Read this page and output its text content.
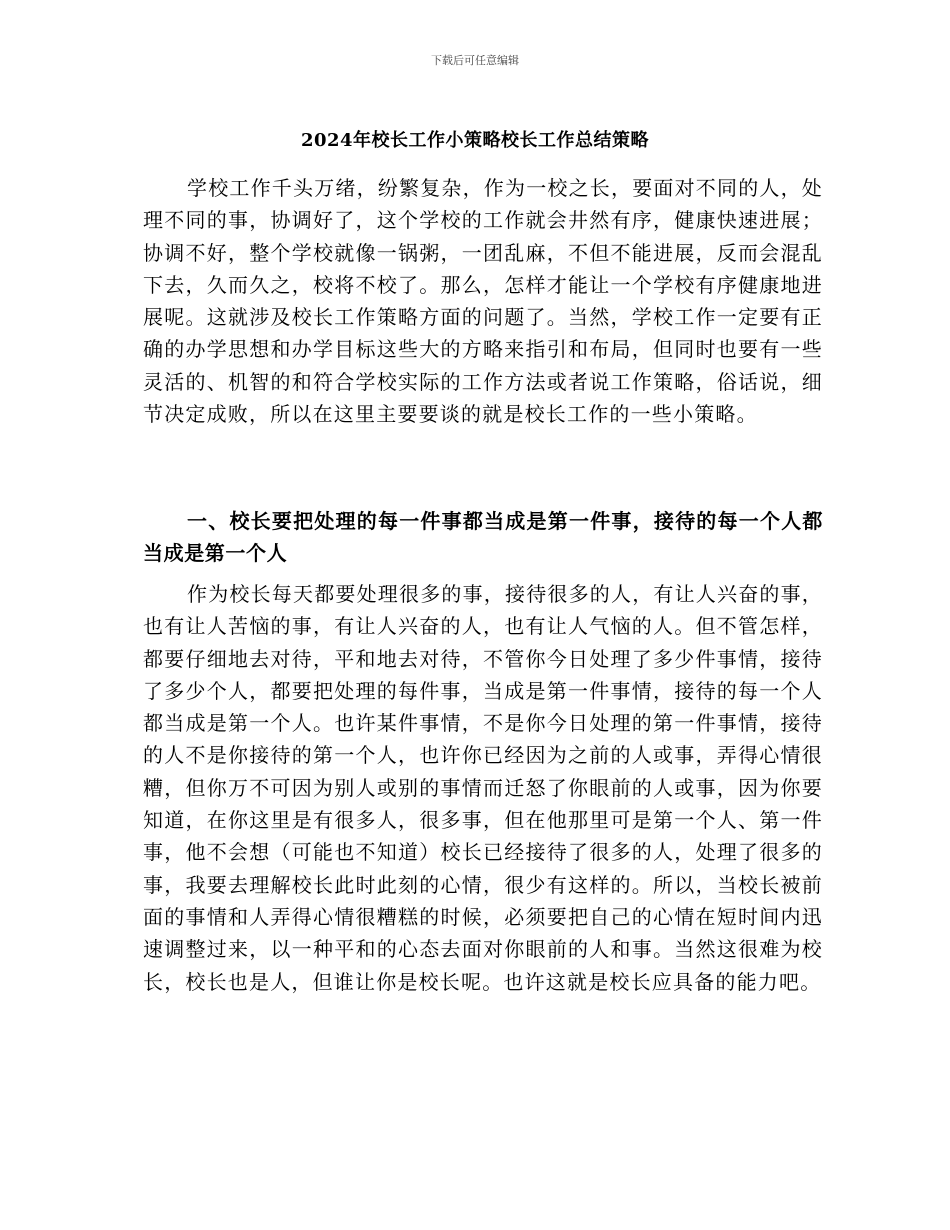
下载后可任意编辑
2024年校长工作小策略校长工作总结策略
学校工作千头万绪，纷繁复杂，作为一校之长，要面对不同的人，处理不同的事，协调好了，这个学校的工作就会井然有序，健康快速进展；协调不好，整个学校就像一锅粥，一团乱麻，不但不能进展，反而会混乱下去，久而久之，校将不校了。那么，怎样才能让一个学校有序健康地进展呢。这就涉及校长工作策略方面的问题了。当然，学校工作一定要有正确的办学思想和办学目标这些大的方略来指引和布局，但同时也要有一些灵活的、机智的和符合学校实际的工作方法或者说工作策略，俗话说，细节决定成败，所以在这里主要要谈的就是校长工作的一些小策略。
一、校长要把处理的每一件事都当成是第一件事，接待的每一个人都当成是第一个人
作为校长每天都要处理很多的事，接待很多的人，有让人兴奋的事，也有让人苦恼的事，有让人兴奋的人，也有让人气恼的人。但不管怎样，都要仔细地去对待，平和地去对待，不管你今日处理了多少件事情，接待了多少个人，都要把处理的每件事，当成是第一件事情，接待的每一个人都当成是第一个人。也许某件事情，不是你今日处理的第一件事情，接待的人不是你接待的第一个人，也许你已经因为之前的人或事，弄得心情很糟，但你万不可因为别人或别的事情而迁怒了你眼前的人或事，因为你要知道，在你这里是有很多人，很多事，但在他那里可是第一个人、第一件事，他不会想（可能也不知道）校长已经接待了很多的人，处理了很多的事，我要去理解校长此时此刻的心情，很少有这样的。所以，当校长被前面的事情和人弄得心情很糟糕的时候，必须要把自己的心情在短时间内迅速调整过来，以一种平和的心态去面对你眼前的人和事。当然这很难为校长，校长也是人，但谁让你是校长呢。也许这就是校长应具备的能力吧。
